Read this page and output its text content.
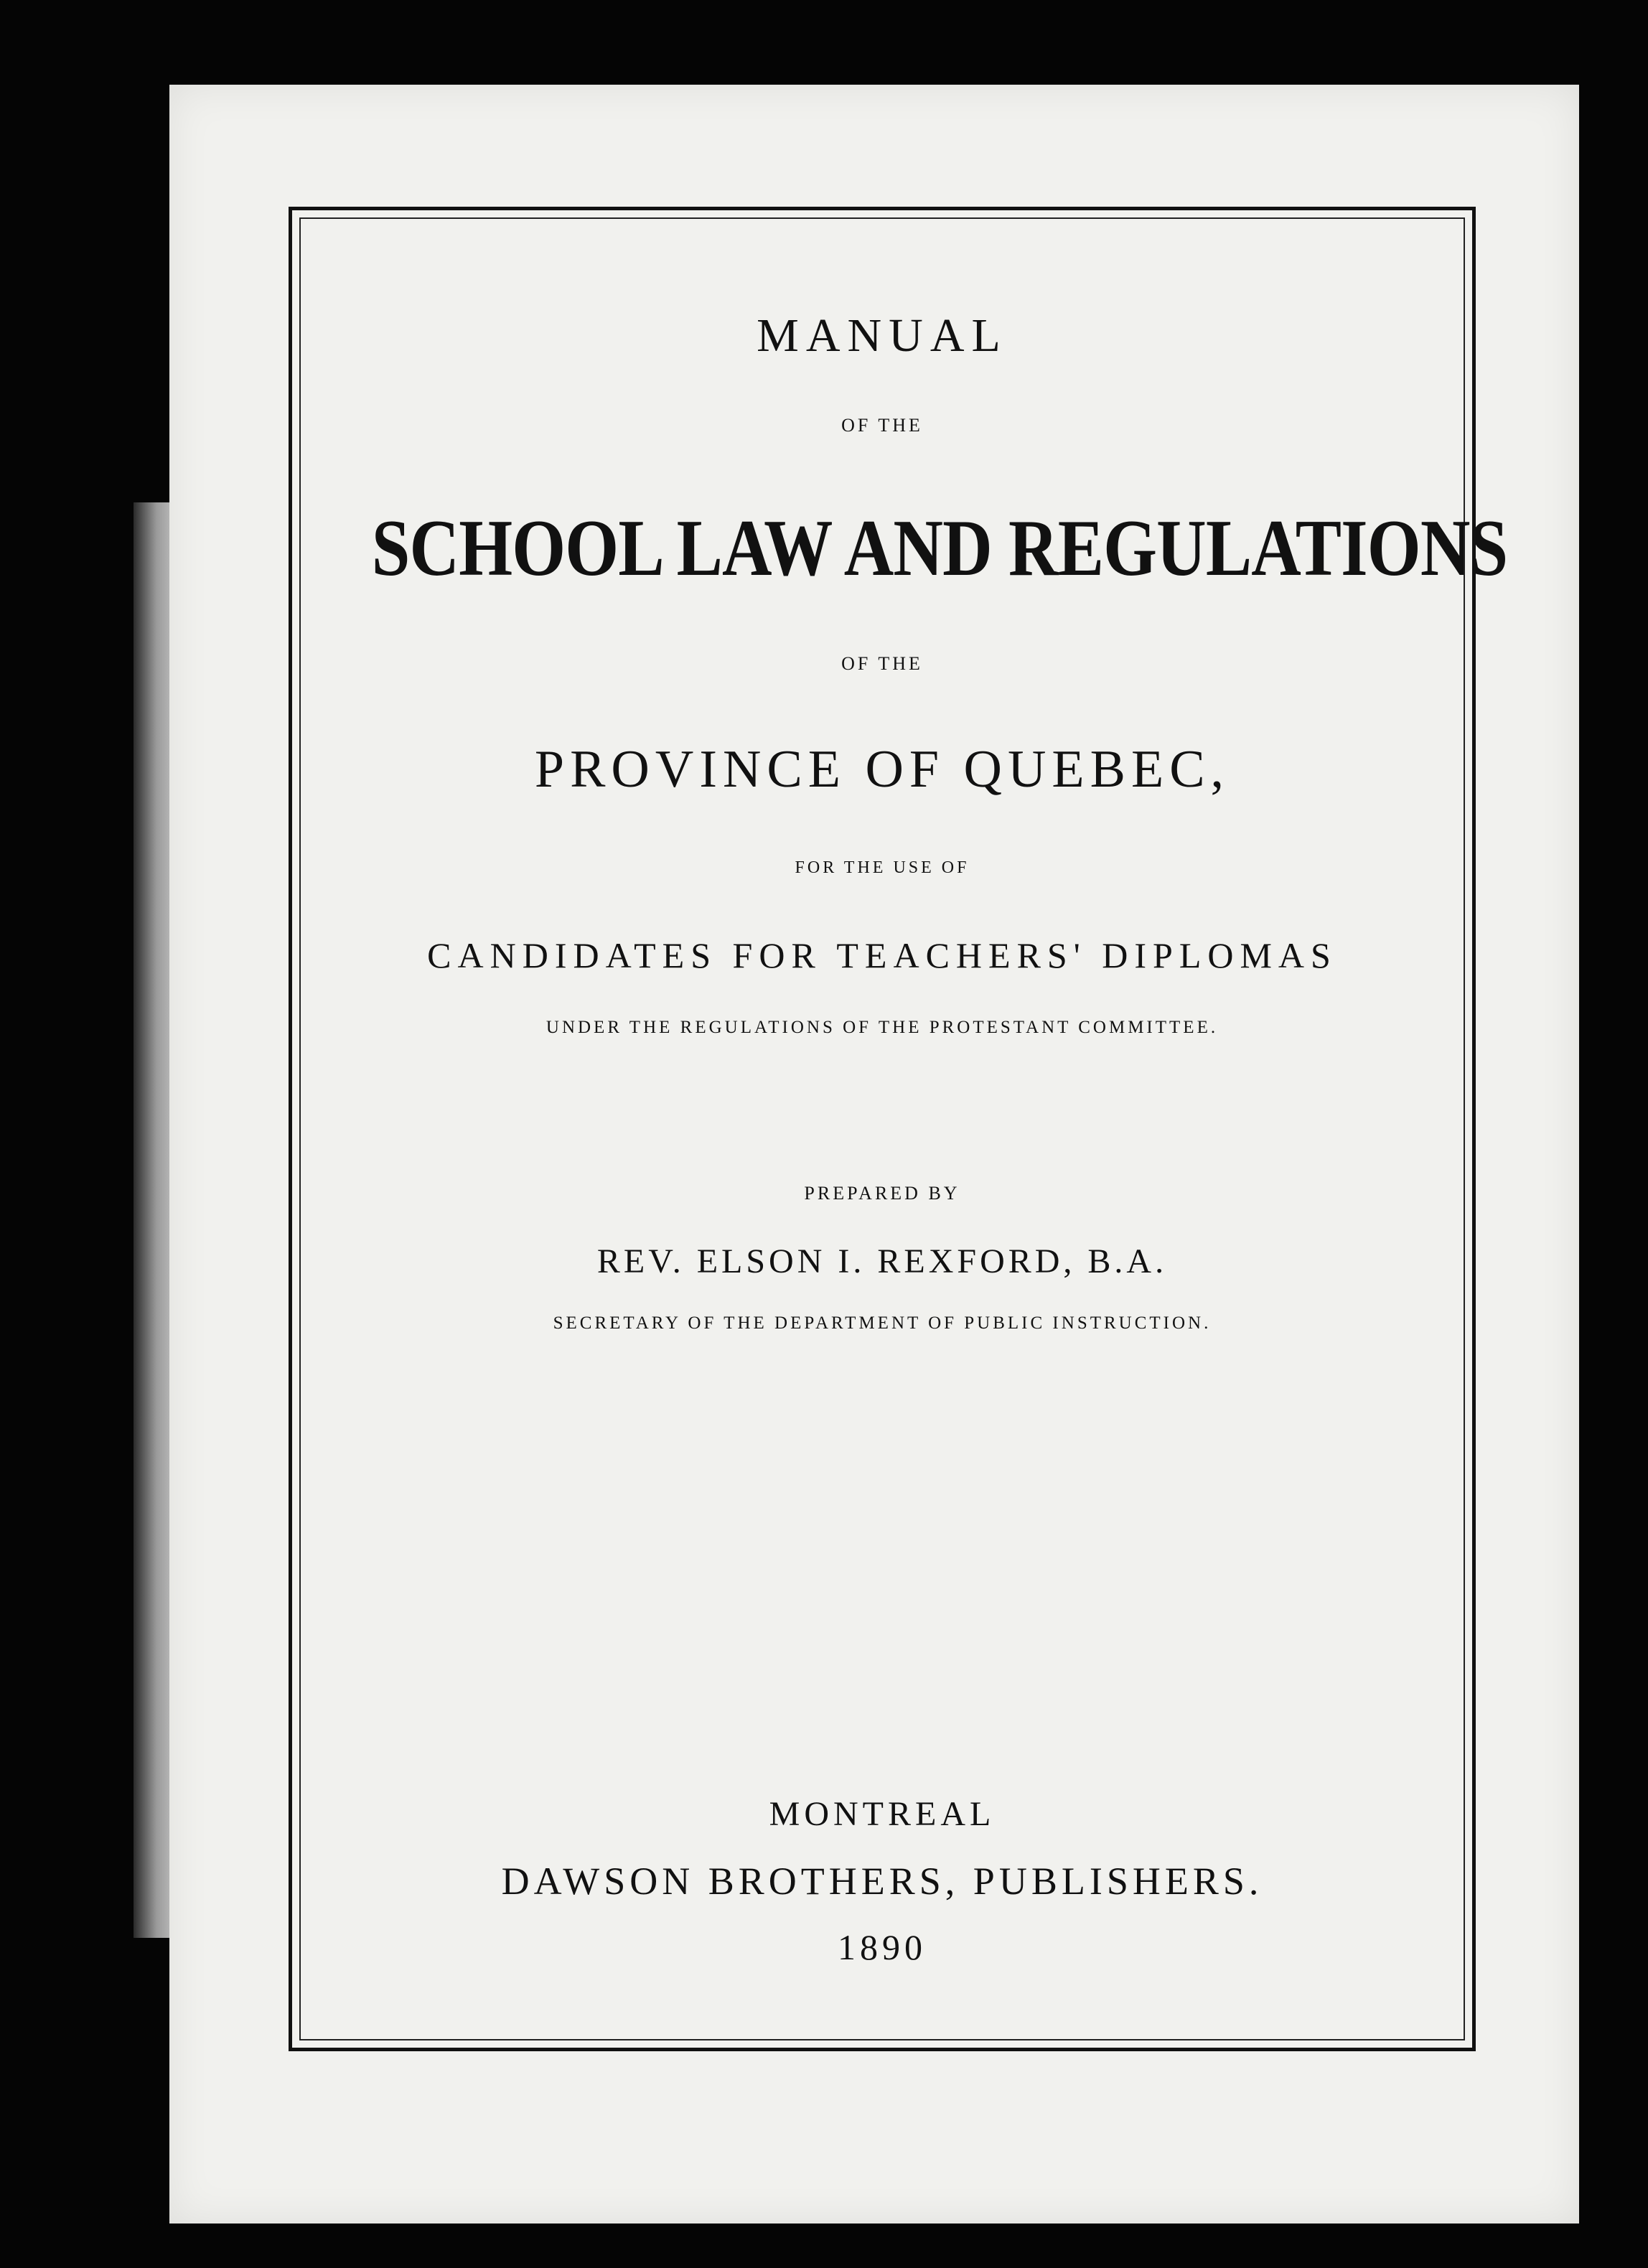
MANUAL
OF THE
SCHOOL LAW AND REGULATIONS
OF THE
PROVINCE OF QUEBEC,
FOR THE USE OF
CANDIDATES FOR TEACHERS' DIPLOMAS
UNDER THE REGULATIONS OF THE PROTESTANT COMMITTEE.
PREPARED BY
REV. ELSON I. REXFORD, B.A.
SECRETARY OF THE DEPARTMENT OF PUBLIC INSTRUCTION.
MONTREAL
DAWSON BROTHERS, PUBLISHERS.
1890
